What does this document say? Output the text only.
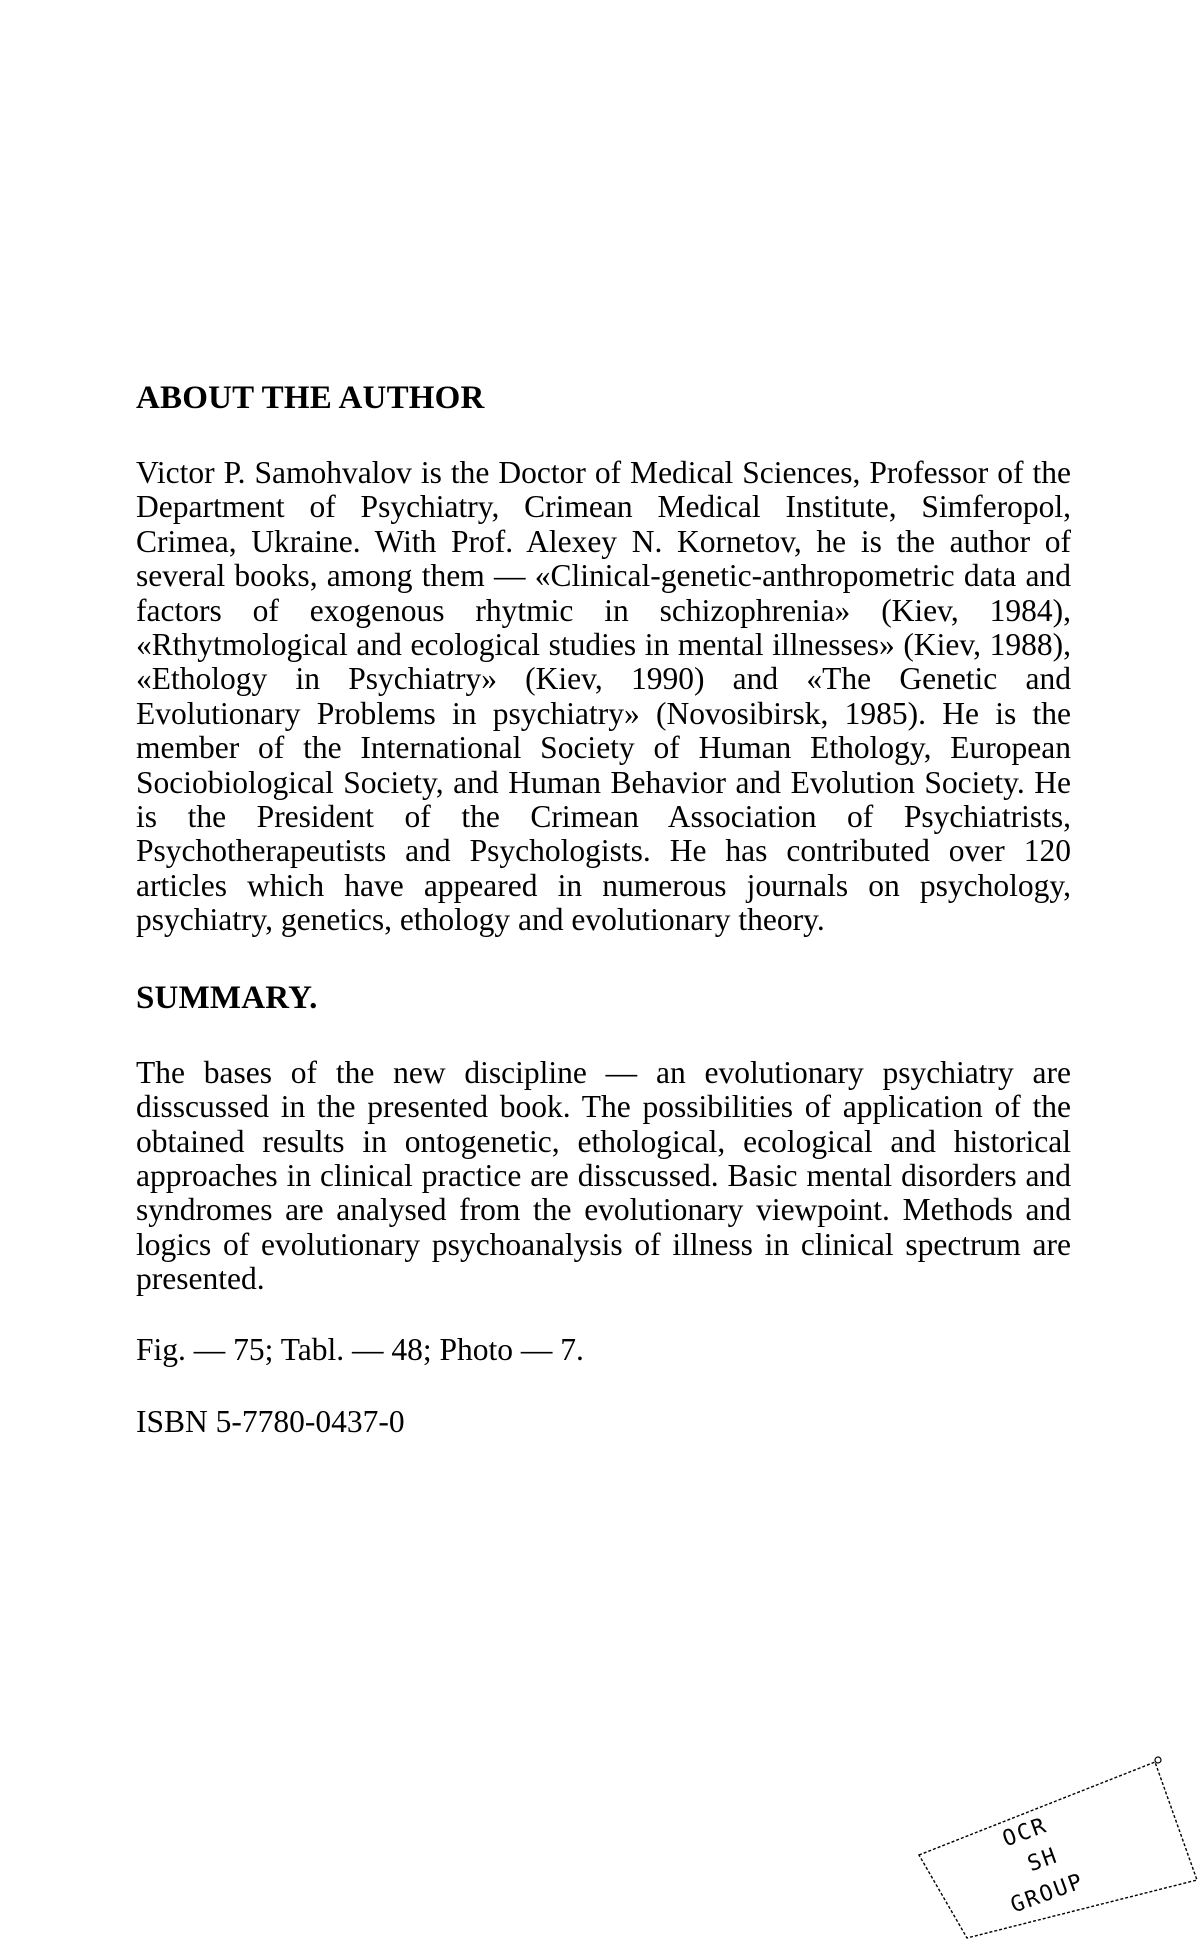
ABOUT THE AUTHOR

Victor P. Samohvalov is the Doctor of Medical Sciences, Professor of the Department of Psychiatry, Crimean Medical Institute, Simferopol, Crimea, Ukraine. With Prof. Alexey N. Kornetov, he is the author of several books, among them — «Clinical-genetic-anthropometric data and factors of exogenous rhytmic in schizophrenia» (Kiev, 1984), «Rthytmological and ecological studies in mental illnesses» (Kiev, 1988), «Ethology in Psychiatry» (Kiev, 1990) and «The Genetic and Evolutionary Problems in psychiatry» (Novosibirsk, 1985). He is the member of the International Society of Human Ethology, European Sociobiological Society, and Human Behavior and Evolution Society. He is the President of the Crimean Association of Psychiatrists, Psychotherapeutists and Psychologists. He has contributed over 120 articles which have appeared in numerous journals on psychology, psychiatry, genetics, ethology and evolutionary theory.

SUMMARY.

The bases of the new discipline — an evolutionary psychiatry are disscussed in the presented book. The possibilities of application of the obtained results in ontogenetic, ethological, ecological and historical approaches in clinical practice are disscussed. Basic mental disorders and syndromes are analysed from the evolutionary viewpoint. Methods and logics of evolutionary psychoanalysis of illness in clinical spectrum are presented.

Fig. — 75; Tabl. — 48; Photo — 7.

ISBN 5-7780-0437-0

OCR
SH
GROUP
